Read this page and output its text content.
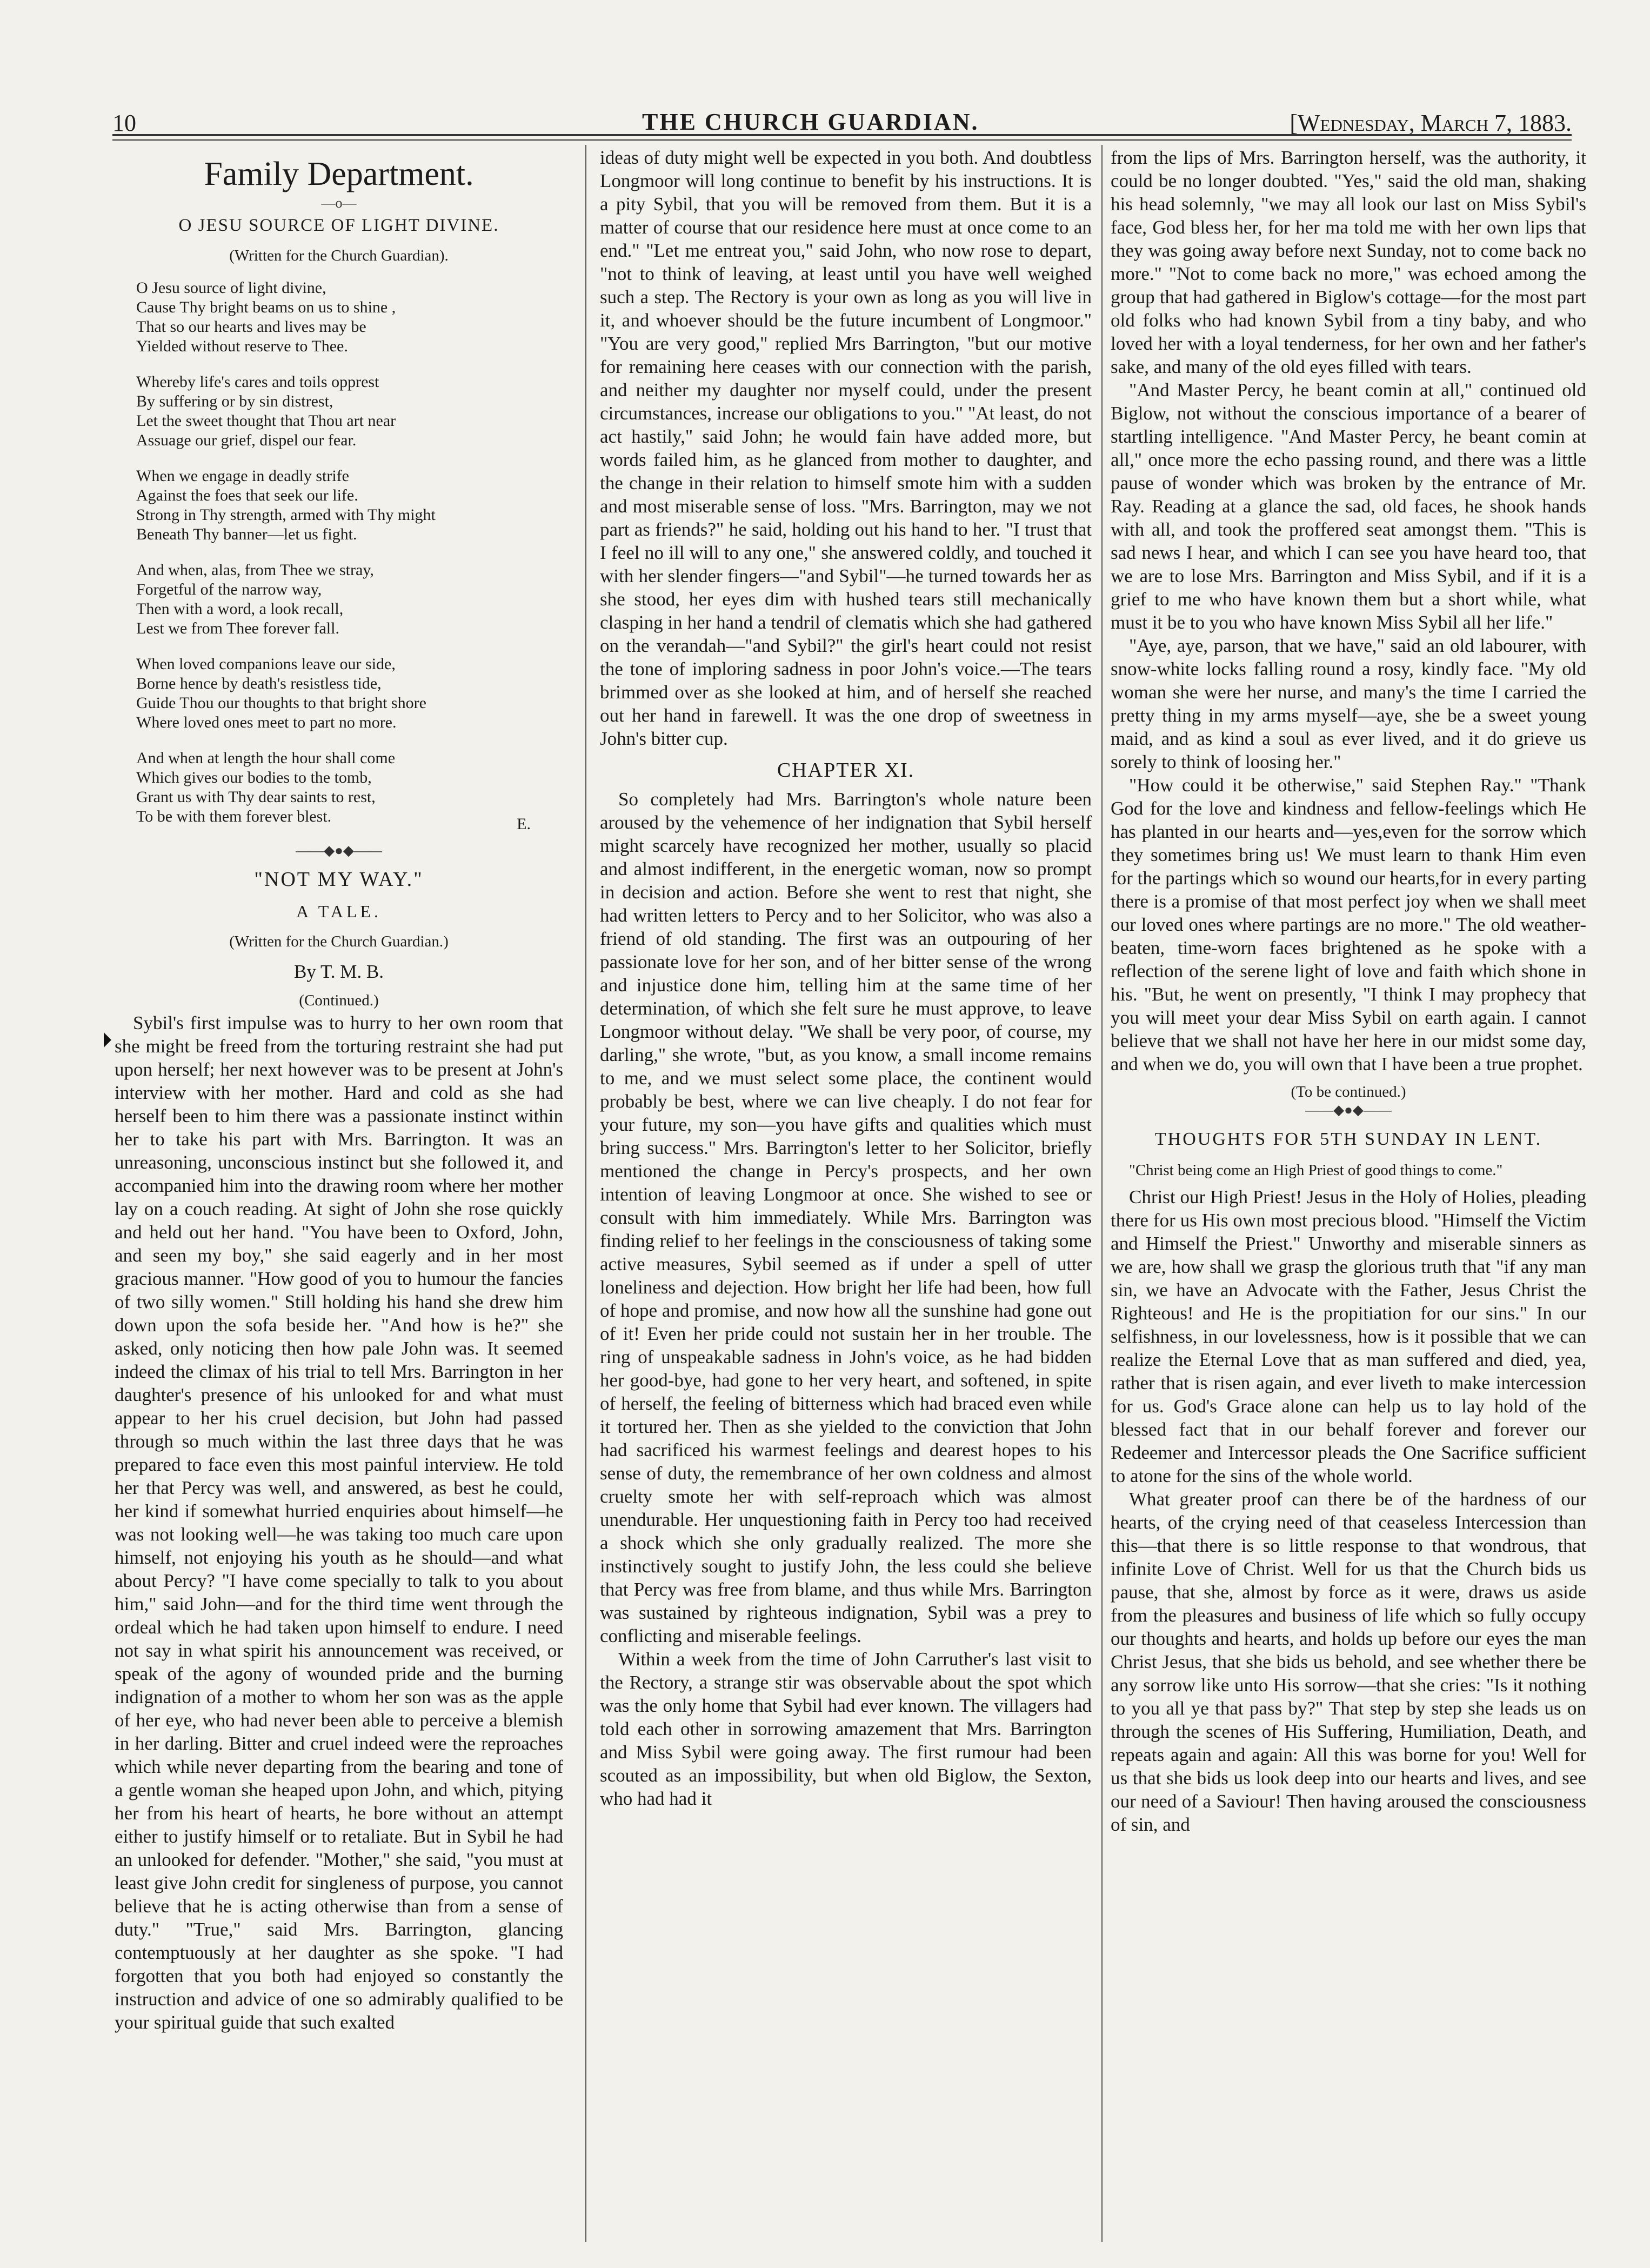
10	THE CHURCH GUARDIAN.	[Wednesday, March 7, 1883.
Family Department.
—o—
O JESU SOURCE OF LIGHT DIVINE.
(Written for the Church Guardian).
O Jesu source of light divine,
Cause Thy bright beams on us to shine ,
That so our hearts and lives may be
Yielded without reserve to Thee.
Whereby life's cares and toils opprest
By suffering or by sin distrest,
Let the sweet thought that Thou art near
Assuage our grief, dispel our fear.
When we engage in deadly strife
Against the foes that seek our life.
Strong in Thy strength, armed with Thy might
Beneath Thy banner—let us fight.
And when, alas, from Thee we stray,
Forgetful of the narrow way,
Then with a word, a look recall,
Lest we from Thee forever fall.
When loved companions leave our side,
Borne hence by death's resistless tide,
Guide Thou our thoughts to that bright shore
Where loved ones meet to part no more.
And when at length the hour shall come
Which gives our bodies to the tomb,
Grant us with Thy dear saints to rest,
To be with them forever blest.	E.
——◆●◆——
"NOT MY WAY."
A TALE.
(Written for the Church Guardian.)
By T. M. B.
(Continued.)

Sybil's first impulse was to hurry to her own room that she might be freed from the torturing restraint she had put upon herself; her next however was to be present at John's interview with her mother. Hard and cold as she had herself been to him there was a passionate instinct within her to take his part with Mrs. Barrington. It was an unreasoning, unconscious instinct but she followed it, and accompanied him into the drawing room where her mother lay on a couch reading. At sight of John she rose quickly and held out her hand. "You have been to Oxford, John, and seen my boy," she said eagerly and in her most gracious manner. "How good of you to humour the fancies of two silly women." Still holding his hand she drew him down upon the sofa beside her. "And how is he?" she asked, only noticing then how pale John was. It seemed indeed the climax of his trial to tell Mrs. Barrington in her daughter's presence of his unlooked for and what must appear to her his cruel decision, but John had passed through so much within the last three days that he was prepared to face even this most painful interview. He told her that Percy was well, and answered, as best he could, her kind if somewhat hurried enquiries about himself—he was not looking well—he was taking too much care upon himself, not enjoying his youth as he should—and what about Percy? "I have come specially to talk to you about him," said John—and for the third time went through the ordeal which he had taken upon himself to endure. I need not say in what spirit his announcement was received, or speak of the agony of wounded pride and the burning indignation of a mother to whom her son was as the apple of her eye, who had never been able to perceive a blemish in her darling. Bitter and cruel indeed were the reproaches which while never departing from the bearing and tone of a gentle woman she heaped upon John, and which, pitying her from his heart of hearts, he bore without an attempt either to justify himself or to retaliate. But in Sybil he had an unlooked for defender. "Mother," she said, "you must at least give John credit for singleness of purpose, you cannot believe that he is acting otherwise than from a sense of duty." "True," said Mrs. Barrington, glancing contemptuously at her daughter as she spoke. "I had forgotten that you both had enjoyed so constantly the instruction and advice of one so admirably qualified to be your spiritual guide that such exalted

ideas of duty might well be expected in you both. And doubtless Longmoor will long continue to benefit by his instructions. It is a pity Sybil, that you will be removed from them. But it is a matter of course that our residence here must at once come to an end." "Let me entreat you," said John, who now rose to depart, "not to think of leaving, at least until you have well weighed such a step. The Rectory is your own as long as you will live in it, and whoever should be the future incumbent of Longmoor." "You are very good," replied Mrs Barrington, "but our motive for remaining here ceases with our connection with the parish, and neither my daughter nor myself could, under the present circumstances, increase our obligations to you." "At least, do not act hastily," said John; he would fain have added more, but words failed him, as he glanced from mother to daughter, and the change in their relation to himself smote him with a sudden and most miserable sense of loss. "Mrs. Barrington, may we not part as friends?" he said, holding out his hand to her. "I trust that I feel no ill will to any one," she answered coldly, and touched it with her slender fingers—"and Sybil"—he turned towards her as she stood, her eyes dim with hushed tears still mechanically clasping in her hand a tendril of clematis which she had gathered on the verandah—"and Sybil?" the girl's heart could not resist the tone of imploring sadness in poor John's voice.—The tears brimmed over as she looked at him, and of herself she reached out her hand in farewell. It was the one drop of sweetness in John's bitter cup.

CHAPTER XI.

So completely had Mrs. Barrington's whole nature been aroused by the vehemence of her indignation that Sybil herself might scarcely have recognized her mother, usually so placid and almost indifferent, in the energetic woman, now so prompt in decision and action. Before she went to rest that night, she had written letters to Percy and to her Solicitor, who was also a friend of old standing. The first was an outpouring of her passionate love for her son, and of her bitter sense of the wrong and injustice done him, telling him at the same time of her determination, of which she felt sure he must approve, to leave Longmoor without delay. "We shall be very poor, of course, my darling," she wrote, "but, as you know, a small income remains to me, and we must select some place, the continent would probably be best, where we can live cheaply. I do not fear for your future, my son—you have gifts and qualities which must bring success." Mrs. Barrington's letter to her Solicitor, briefly mentioned the change in Percy's prospects, and her own intention of leaving Longmoor at once. She wished to see or consult with him immediately. While Mrs. Barrington was finding relief to her feelings in the consciousness of taking some active measures, Sybil seemed as if under a spell of utter loneliness and dejection. How bright her life had been, how full of hope and promise, and now how all the sunshine had gone out of it! Even her pride could not sustain her in her trouble. The ring of unspeakable sadness in John's voice, as he had bidden her good-bye, had gone to her very heart, and softened, in spite of herself, the feeling of bitterness which had braced even while it tortured her. Then as she yielded to the conviction that John had sacrificed his warmest feelings and dearest hopes to his sense of duty, the remembrance of her own coldness and almost cruelty smote her with self-reproach which was almost unendurable. Her unquestioning faith in Percy too had received a shock which she only gradually realized. The more she instinctively sought to justify John, the less could she believe that Percy was free from blame, and thus while Mrs. Barrington was sustained by righteous indignation, Sybil was a prey to conflicting and miserable feelings.

Within a week from the time of John Carruther's last visit to the Rectory, a strange stir was observable about the spot which was the only home that Sybil had ever known. The villagers had told each other in sorrowing amazement that Mrs. Barrington and Miss Sybil were going away. The first rumour had been scouted as an impossibility, but when old Biglow, the Sexton, who had had it

from the lips of Mrs. Barrington herself, was the authority, it could be no longer doubted. "Yes," said the old man, shaking his head solemnly, "we may all look our last on Miss Sybil's face, God bless her, for her ma told me with her own lips that they was going away before next Sunday, not to come back no more." "Not to come back no more," was echoed among the group that had gathered in Biglow's cottage—for the most part old folks who had known Sybil from a tiny baby, and who loved her with a loyal tenderness, for her own and her father's sake, and many of the old eyes filled with tears.

"And Master Percy, he beant comin at all," continued old Biglow, not without the conscious importance of a bearer of startling intelligence. "And Master Percy, he beant comin at all," once more the echo passing round, and there was a little pause of wonder which was broken by the entrance of Mr. Ray. Reading at a glance the sad, old faces, he shook hands with all, and took the proffered seat amongst them. "This is sad news I hear, and which I can see you have heard too, that we are to lose Mrs. Barrington and Miss Sybil, and if it is a grief to me who have known them but a short while, what must it be to you who have known Miss Sybil all her life."

"Aye, aye, parson, that we have," said an old labourer, with snow-white locks falling round a rosy, kindly face. "My old woman she were her nurse, and many's the time I carried the pretty thing in my arms myself—aye, she be a sweet young maid, and as kind a soul as ever lived, and it do grieve us sorely to think of loosing her."

"How could it be otherwise," said Stephen Ray." "Thank God for the love and kindness and fellow-feelings which He has planted in our hearts and—yes,even for the sorrow which they sometimes bring us! We must learn to thank Him even for the partings which so wound our hearts,for in every parting there is a promise of that most perfect joy when we shall meet our loved ones where partings are no more." The old weather-beaten, time-worn faces brightened as he spoke with a reflection of the serene light of love and faith which shone in his. "But, he went on presently, "I think I may prophecy that you will meet your dear Miss Sybil on earth again. I cannot believe that we shall not have her here in our midst some day, and when we do, you will own that I have been a true prophet.

(To be continued.)
——◆●◆——
THOUGHTS FOR 5TH SUNDAY IN LENT.

"Christ being come an High Priest of good things to come."

Christ our High Priest! Jesus in the Holy of Holies, pleading there for us His own most precious blood. "Himself the Victim and Himself the Priest." Unworthy and miserable sinners as we are, how shall we grasp the glorious truth that "if any man sin, we have an Advocate with the Father, Jesus Christ the Righteous! and He is the propitiation for our sins." In our selfishness, in our lovelessness, how is it possible that we can realize the Eternal Love that as man suffered and died, yea, rather that is risen again, and ever liveth to make intercession for us. God's Grace alone can help us to lay hold of the blessed fact that in our behalf forever and forever our Redeemer and Intercessor pleads the One Sacrifice sufficient to atone for the sins of the whole world.

What greater proof can there be of the hardness of our hearts, of the crying need of that ceaseless Intercession than this—that there is so little response to that wondrous, that infinite Love of Christ. Well for us that the Church bids us pause, that she, almost by force as it were, draws us aside from the pleasures and business of life which so fully occupy our thoughts and hearts, and holds up before our eyes the man Christ Jesus, that she bids us behold, and see whether there be any sorrow like unto His sorrow—that she cries: "Is it nothing to you all ye that pass by?" That step by step she leads us on through the scenes of His Suffering, Humiliation, Death, and repeats again and again: All this was borne for you! Well for us that she bids us look deep into our hearts and lives, and see our need of a Saviour! Then having aroused the consciousness of sin, and
